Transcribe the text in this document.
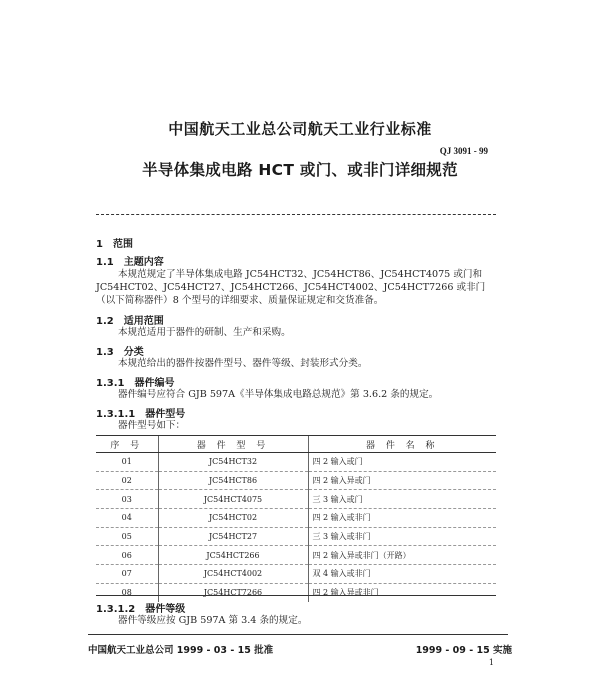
中国航天工业总公司航天工业行业标准
QJ 3091 - 99
半导体集成电路 HCT 或门、或非门详细规范
1 范围
1.1 主题内容
本规范规定了半导体集成电路 JC54HCT32、JC54HCT86、JC54HCT4075 或门和 JC54HCT02、JC54HCT27、JC54HCT266、JC54HCT4002、JC54HCT7266 或非门（以下简称器件）8 个型号的详细要求、质量保证规定和交货准备。
1.2 适用范围
本规范适用于器件的研制、生产和采购。
1.3 分类
本规范给出的器件按器件型号、器件等级、封装形式分类。
1.3.1 器件编号
器件编号应符合 GJB 597A《半导体集成电路总规范》第 3.6.2 条的规定。
1.3.1.1 器件型号
器件型号如下：
序 号	器 件 型 号	器 件 名 称
01	JC54HCT32	四 2 输入或门
02	JC54HCT86	四 2 输入异或门
03	JC54HCT4075	三 3 输入或门
04	JC54HCT02	四 2 输入或非门
05	JC54HCT27	三 3 输入或非门
06	JC54HCT266	四 2 输入异或非门（开路）
07	JC54HCT4002	双 4 输入或非门
08	JC54HCT7266	四 2 输入异或非门
1.3.1.2 器件等级
器件等级应按 GJB 597A 第 3.4 条的规定。
中国航天工业总公司 1999 - 03 - 15 批准	1999 - 09 - 15 实施
1
